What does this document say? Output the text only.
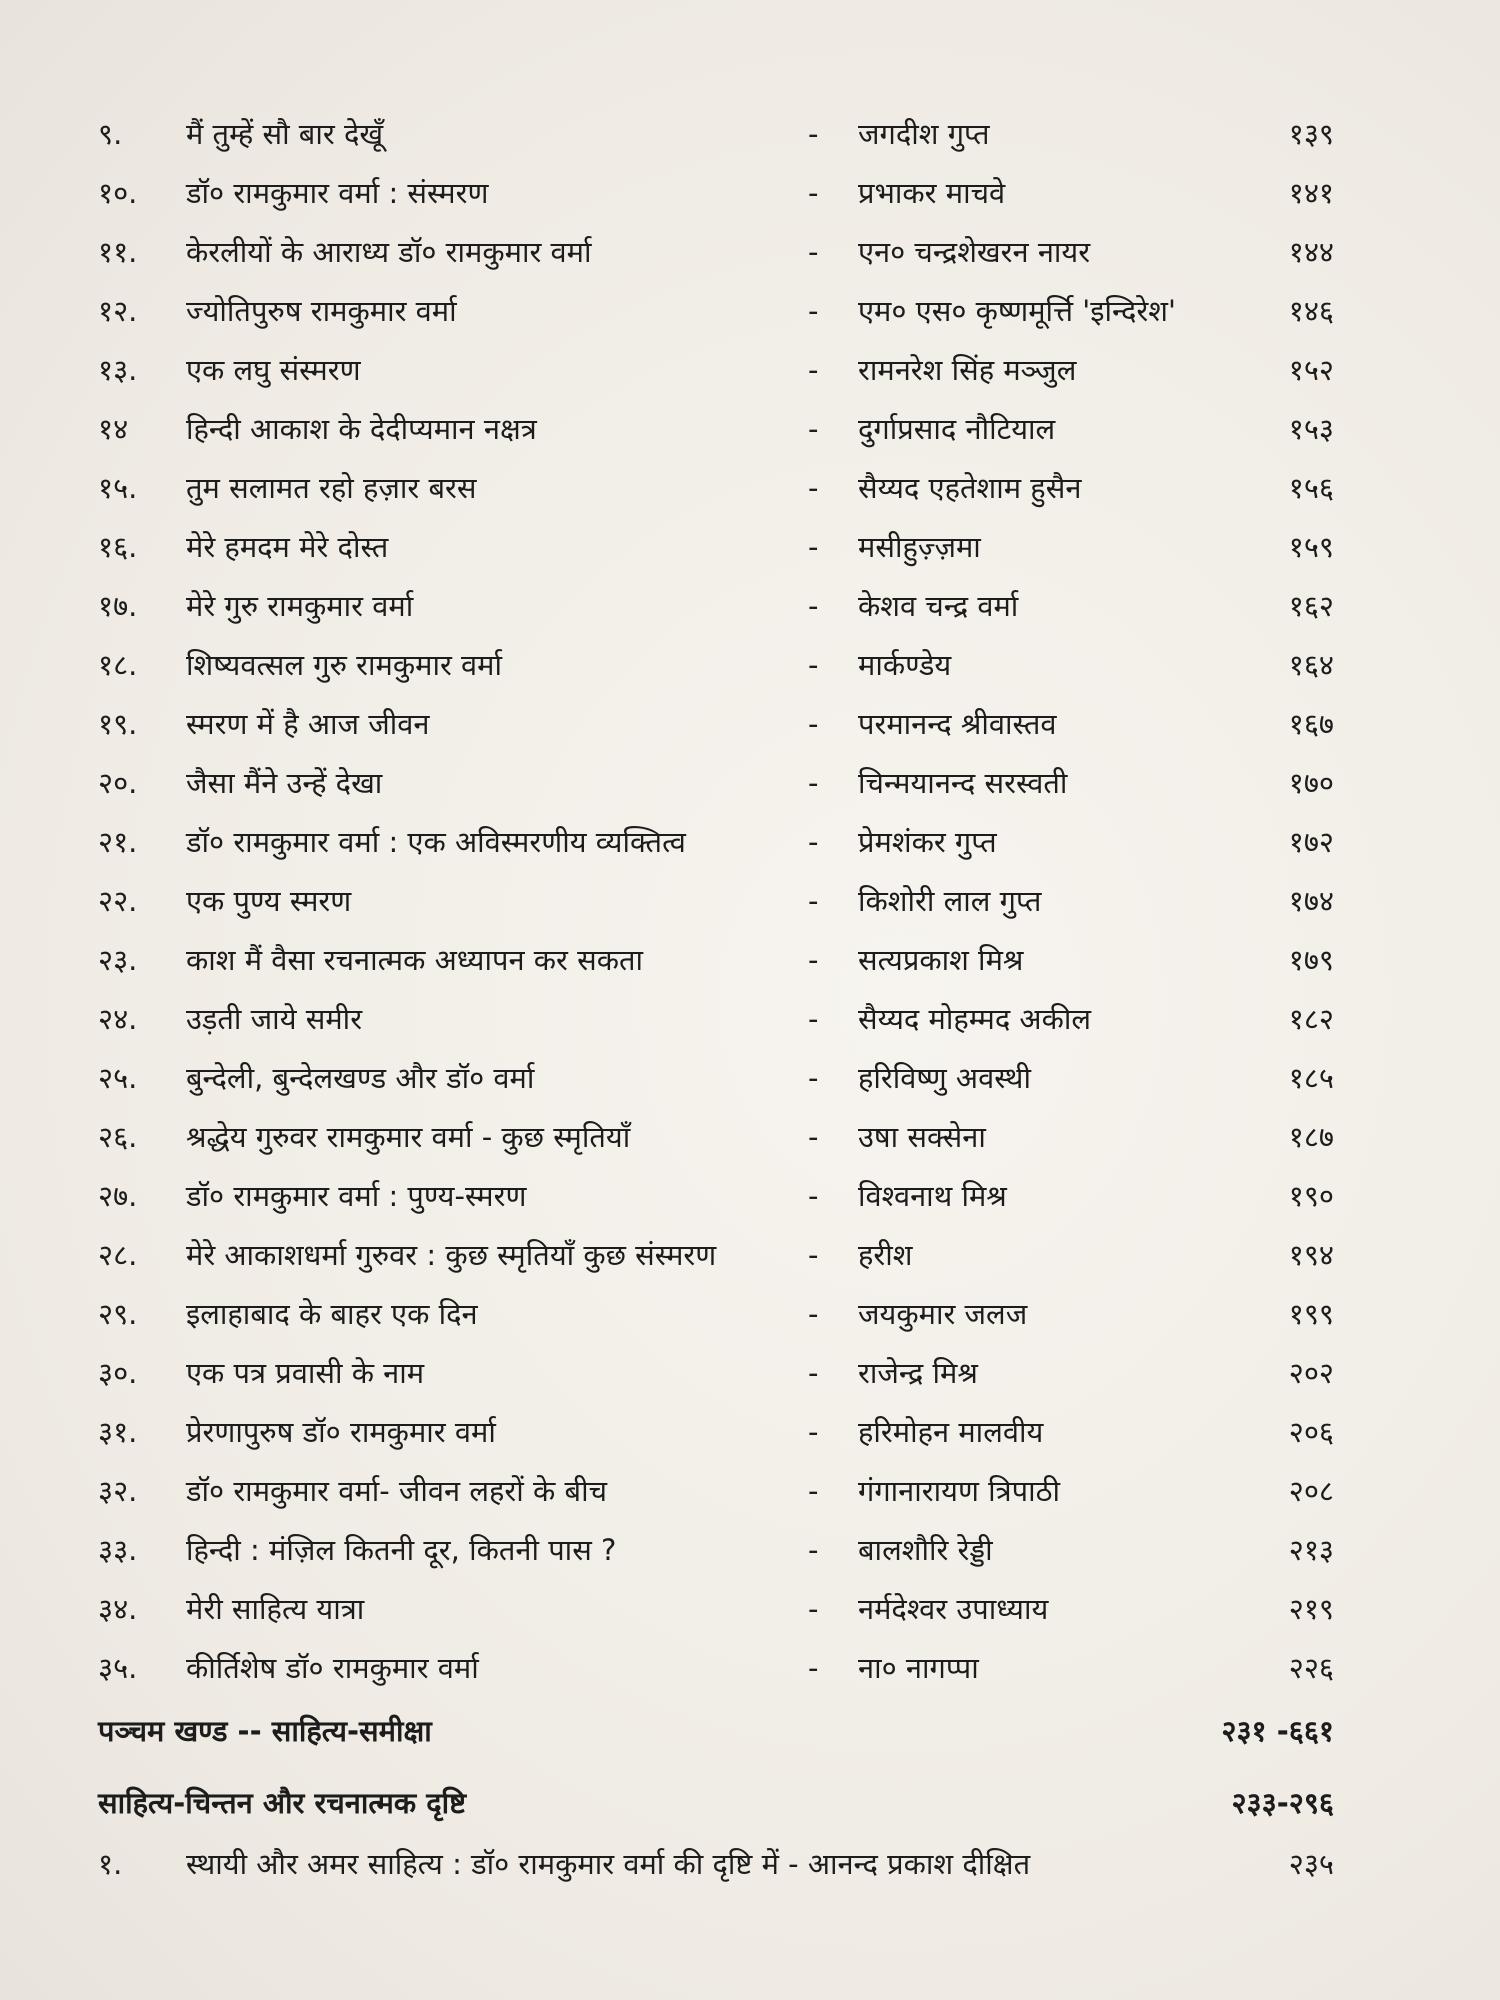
९. मैं तुम्हें सौ बार देखूँ	- जगदीश गुप्त	१३९
१०. डॉ० रामकुमार वर्मा : संस्मरण	- प्रभाकर माचवे	१४१
११. केरलीयों के आराध्य डॉ० रामकुमार वर्मा	- एन० चन्द्रशेखरन नायर	१४४
१२. ज्योतिपुरुष रामकुमार वर्मा	- एम० एस० कृष्णमूर्त्ति 'इन्दिरेश'	१४६
१३. एक लघु संस्मरण	- रामनरेश सिंह मञ्जुल	१५२
१४ हिन्दी आकाश के देदीप्यमान नक्षत्र	- दुर्गाप्रसाद नौटियाल	१५३
१५. तुम सलामत रहो हज़ार बरस	- सैय्यद एहतेशाम हुसैन	१५६
१६. मेरे हमदम मेरे दोस्त	- मसीहुज़्ज़मा	१५९
१७. मेरे गुरु रामकुमार वर्मा	- केशव चन्द्र वर्मा	१६२
१८. शिष्यवत्सल गुरु रामकुमार वर्मा	- मार्कण्डेय	१६४
१९. स्मरण में है आज जीवन	- परमानन्द श्रीवास्तव	१६७
२०. जैसा मैंने उन्हें देखा	- चिन्मयानन्द सरस्वती	१७०
२१. डॉ० रामकुमार वर्मा : एक अविस्मरणीय व्यक्तित्व	- प्रेमशंकर गुप्त	१७२
२२. एक पुण्य स्मरण	- किशोरी लाल गुप्त	१७४
२३. काश मैं वैसा रचनात्मक अध्यापन कर सकता	- सत्यप्रकाश मिश्र	१७९
२४. उड़ती जाये समीर	- सैय्यद मोहम्मद अकील	१८२
२५. बुन्देली, बुन्देलखण्ड और डॉ० वर्मा	- हरिविष्णु अवस्थी	१८५
२६. श्रद्धेय गुरुवर रामकुमार वर्मा - कुछ स्मृतियाँ	- उषा सक्सेना	१८७
२७. डॉ० रामकुमार वर्मा : पुण्य-स्मरण	- विश्वनाथ मिश्र	१९०
२८. मेरे आकाशधर्मा गुरुवर : कुछ स्मृतियाँ कुछ संस्मरण	- हरीश	१९४
२९. इलाहाबाद के बाहर एक दिन	- जयकुमार जलज	१९९
३०. एक पत्र प्रवासी के नाम	- राजेन्द्र मिश्र	२०२
३१. प्रेरणापुरुष डॉ० रामकुमार वर्मा	- हरिमोहन मालवीय	२०६
३२. डॉ० रामकुमार वर्मा- जीवन लहरों के बीच	- गंगानारायण त्रिपाठी	२०८
३३. हिन्दी : मंज़िल कितनी दूर, कितनी पास ?	- बालशौरि रेड्डी	२१३
३४. मेरी साहित्य यात्रा	- नर्मदेश्वर उपाध्याय	२१९
३५. कीर्तिशेष डॉ० रामकुमार वर्मा	- ना० नागप्पा	२२६
पञ्चम खण्ड -- साहित्य-समीक्षा	२३१ -६६१
साहित्य-चिन्तन और रचनात्मक दृष्टि	२३३-२९६
१. स्थायी और अमर साहित्य : डॉ० रामकुमार वर्मा की दृष्टि में - आनन्द प्रकाश दीक्षित	२३५
